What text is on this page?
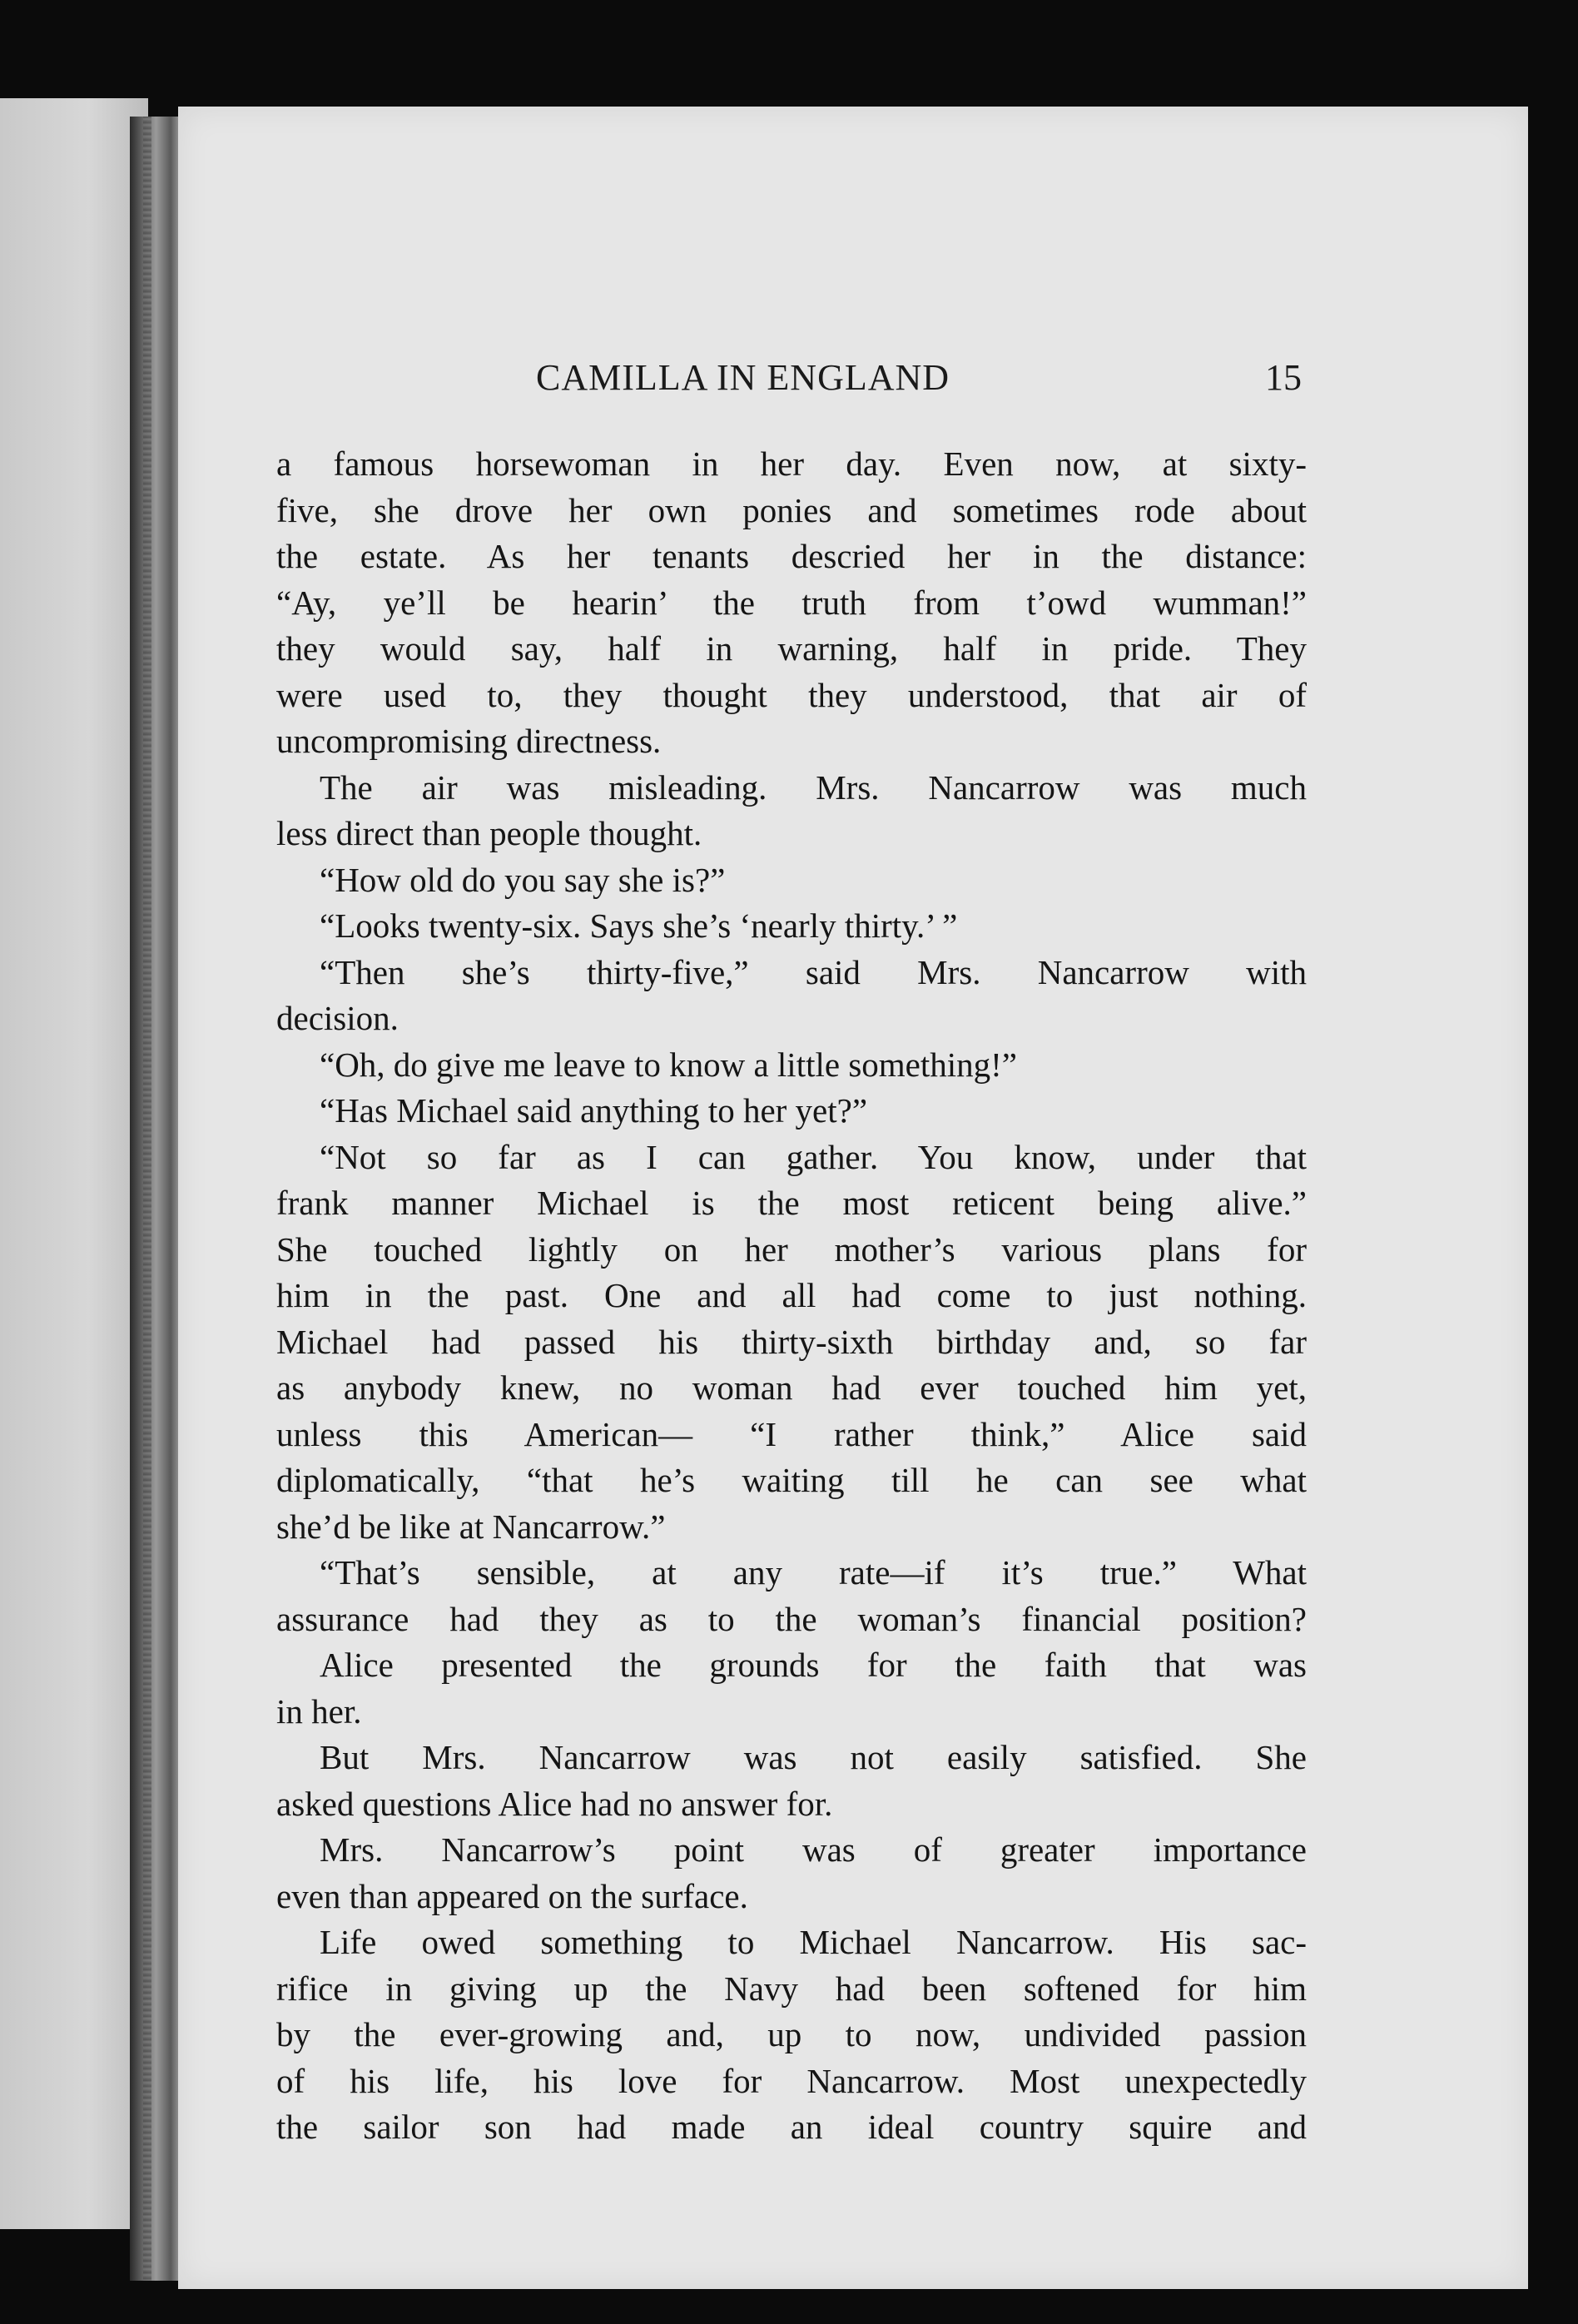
CAMILLA IN ENGLAND	15
a famous horsewoman in her day. Even now, at sixty-
five, she drove her own ponies and sometimes rode about
the estate. As her tenants descried her in the distance:
“Ay, ye’ll be hearin’ the truth from t’owd wumman!”
they would say, half in warning, half in pride. They
were used to, they thought they understood, that air of
uncompromising directness.
The air was misleading. Mrs. Nancarrow was much
less direct than people thought.
“How old do you say she is?”
“Looks twenty-six. Says she’s ‘nearly thirty.’ ”
“Then she’s thirty-five,” said Mrs. Nancarrow with
decision.
“Oh, do give me leave to know a little something!”
“Has Michael said anything to her yet?”
“Not so far as I can gather. You know, under that
frank manner Michael is the most reticent being alive.”
She touched lightly on her mother’s various plans for
him in the past. One and all had come to just nothing.
Michael had passed his thirty-sixth birthday and, so far
as anybody knew, no woman had ever touched him yet,
unless this American— “I rather think,” Alice said
diplomatically, “that he’s waiting till he can see what
she’d be like at Nancarrow.”
“That’s sensible, at any rate—if it’s true.” What
assurance had they as to the woman’s financial position?
Alice presented the grounds for the faith that was
in her.
But Mrs. Nancarrow was not easily satisfied. She
asked questions Alice had no answer for.
Mrs. Nancarrow’s point was of greater importance
even than appeared on the surface.
Life owed something to Michael Nancarrow. His sac-
rifice in giving up the Navy had been softened for him
by the ever-growing and, up to now, undivided passion
of his life, his love for Nancarrow. Most unexpectedly
the sailor son had made an ideal country squire and
